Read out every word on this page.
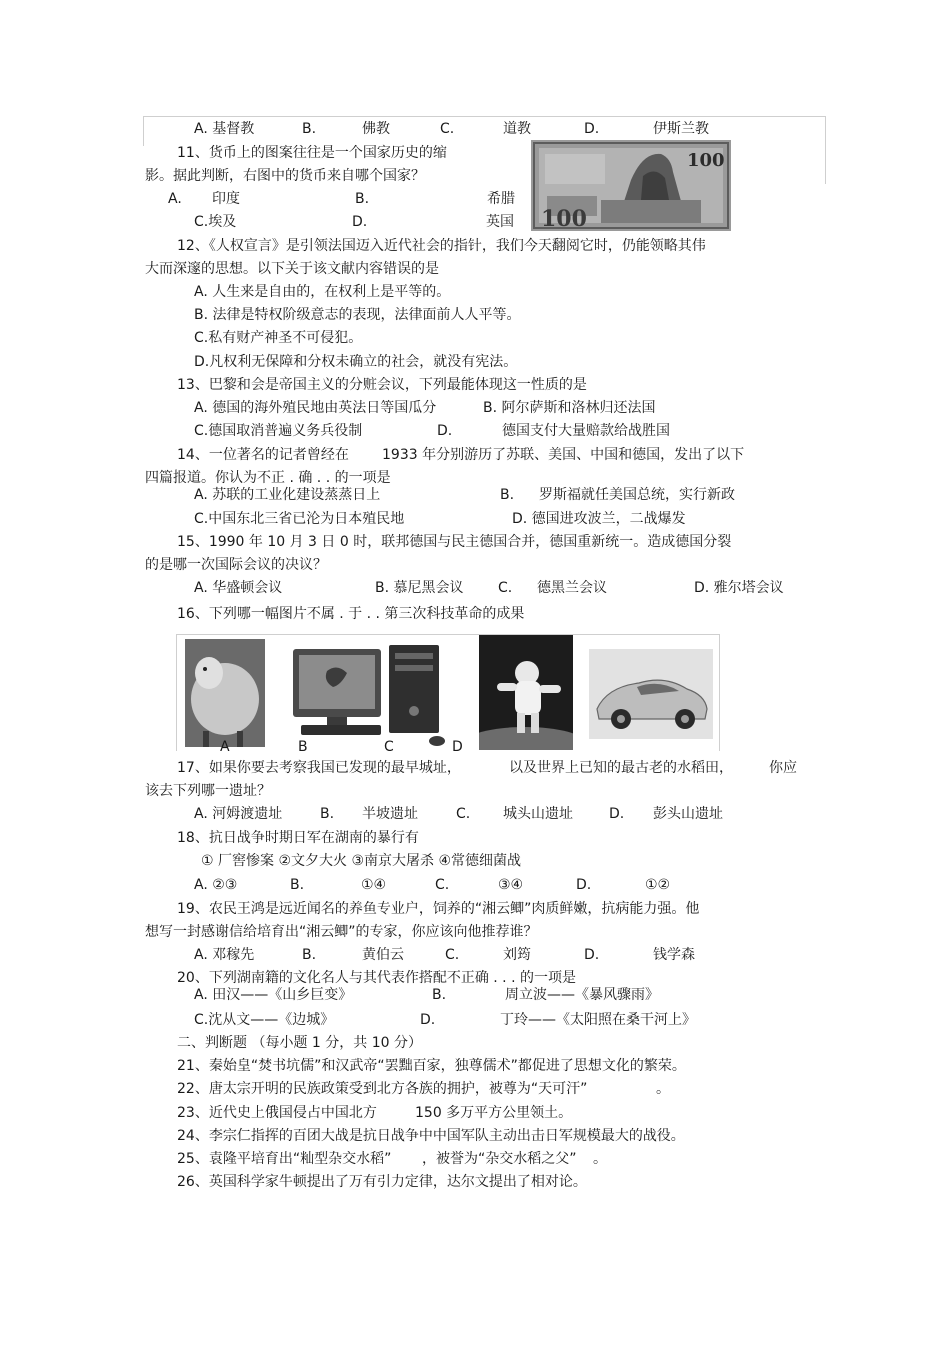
A. 基督教	B.	佛教	C.	道教	D.	伊斯兰教
11、货币上的图案往往是一个国家历史的缩
影。据此判断，右图中的货币来自哪个国家？
A. 印度	B.	希腊
C.埃及	D.	英国
100
100
12、《人权宣言》是引领法国迈入近代社会的指针，我们今天翻阅它时，仍能领略其伟
大而深邃的思想。以下关于该文献内容错误的是
A. 人生来是自由的，在权利上是平等的。
B. 法律是特权阶级意志的表现，法律面前人人平等。
C.私有财产神圣不可侵犯。
D.凡权利无保障和分权未确立的社会，就没有宪法。
13、巴黎和会是帝国主义的分赃会议，下列最能体现这一性质的是
A. 德国的海外殖民地由英法日等国瓜分	B. 阿尔萨斯和洛林归还法国
C.德国取消普遍义务兵役制	D.	德国支付大量赔款给战胜国
14、一位著名的记者曾经在 1933 年分别游历了苏联、美国、中国和德国，发出了以下
四篇报道。你认为不正 . 确 . . 的一项是
A. 苏联的工业化建设蒸蒸日上	B. 罗斯福就任美国总统，实行新政
C.中国东北三省已沦为日本殖民地	D. 德国进攻波兰，二战爆发
15、1990 年 10 月 3 日 0 时，联邦德国与民主德国合并，德国重新统一。造成德国分裂
的是哪一次国际会议的决议？
A. 华盛顿会议	B. 慕尼黑会议 C. 德黑兰会议	D. 雅尔塔会议
16、下列哪一幅图片不属 . 于 . . 第三次科技革命的成果
A	B	C	D
17、如果你要去考察我国已发现的最早城址，	以及世界上已知的最古老的水稻田，	你应
该去下列哪一遗址？
A. 河姆渡遗址	B. 半坡遗址	C. 城头山遗址	D. 彭头山遗址
18、抗日战争时期日军在湖南的暴行有
① 厂窖惨案 ②文夕大火 ③南京大屠杀 ④常德细菌战
A. ②③	B.	①④	C.	③④	D.	①②
19、农民王鸿是远近闻名的养鱼专业户，饲养的“湘云鲫”肉质鲜嫩，抗病能力强。他
想写一封感谢信给培育出“湘云鲫”的专家，你应该向他推荐谁？
A. 邓稼先	B.	黄伯云	C.	刘筠	D.	钱学森
20、下列湖南籍的文化名人与其代表作搭配不正确 . . . 的一项是
A. 田汉——《山乡巨变》	B.	周立波——《暴风骤雨》
C.沈从文——《边城》	D.	丁玲——《太阳照在桑干河上》
二、判断题 （每小题 1 分，共 10 分）
21、秦始皇“焚书坑儒”和汉武帝“罢黜百家，独尊儒术”都促进了思想文化的繁荣。
22、唐太宗开明的民族政策受到北方各族的拥护，被尊为“天可汗”	。
23、近代史上俄国侵占中国北方	150 多万平方公里领土。
24、李宗仁指挥的百团大战是抗日战争中中国军队主动出击日军规模最大的战役。
25、袁隆平培育出“籼型杂交水稻” ，被誉为“杂交水稻之父” 。
26、英国科学家牛顿提出了万有引力定律，达尔文提出了相对论。
